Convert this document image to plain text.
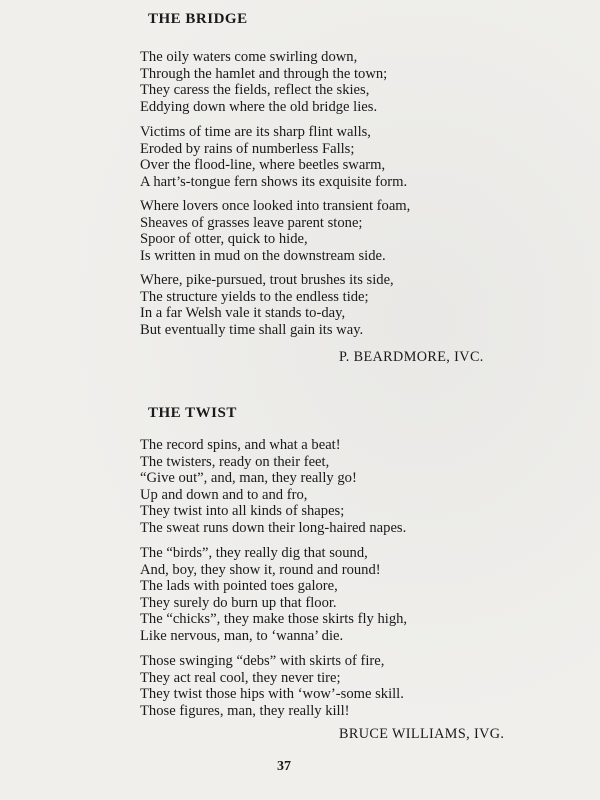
THE BRIDGE
The oily waters come swirling down,
Through the hamlet and through the town;
They caress the fields, reflect the skies,
Eddying down where the old bridge lies.
Victims of time are its sharp flint walls,
Eroded by rains of numberless Falls;
Over the flood-line, where beetles swarm,
A hart’s-tongue fern shows its exquisite form.
Where lovers once looked into transient foam,
Sheaves of grasses leave parent stone;
Spoor of otter, quick to hide,
Is written in mud on the downstream side.
Where, pike-pursued, trout brushes its side,
The structure yields to the endless tide;
In a far Welsh vale it stands to-day,
But eventually time shall gain its way.
P. BEARDMORE, IVC.
THE TWIST
The record spins, and what a beat!
The twisters, ready on their feet,
“Give out”, and, man, they really go!
Up and down and to and fro,
They twist into all kinds of shapes;
The sweat runs down their long-haired napes.
The “birds”, they really dig that sound,
And, boy, they show it, round and round!
The lads with pointed toes galore,
They surely do burn up that floor.
The “chicks”, they make those skirts fly high,
Like nervous, man, to ‘wanna’ die.
Those swinging “debs” with skirts of fire,
They act real cool, they never tire;
They twist those hips with ‘wow’-some skill.
Those figures, man, they really kill!
BRUCE WILLIAMS, IVG.
37
